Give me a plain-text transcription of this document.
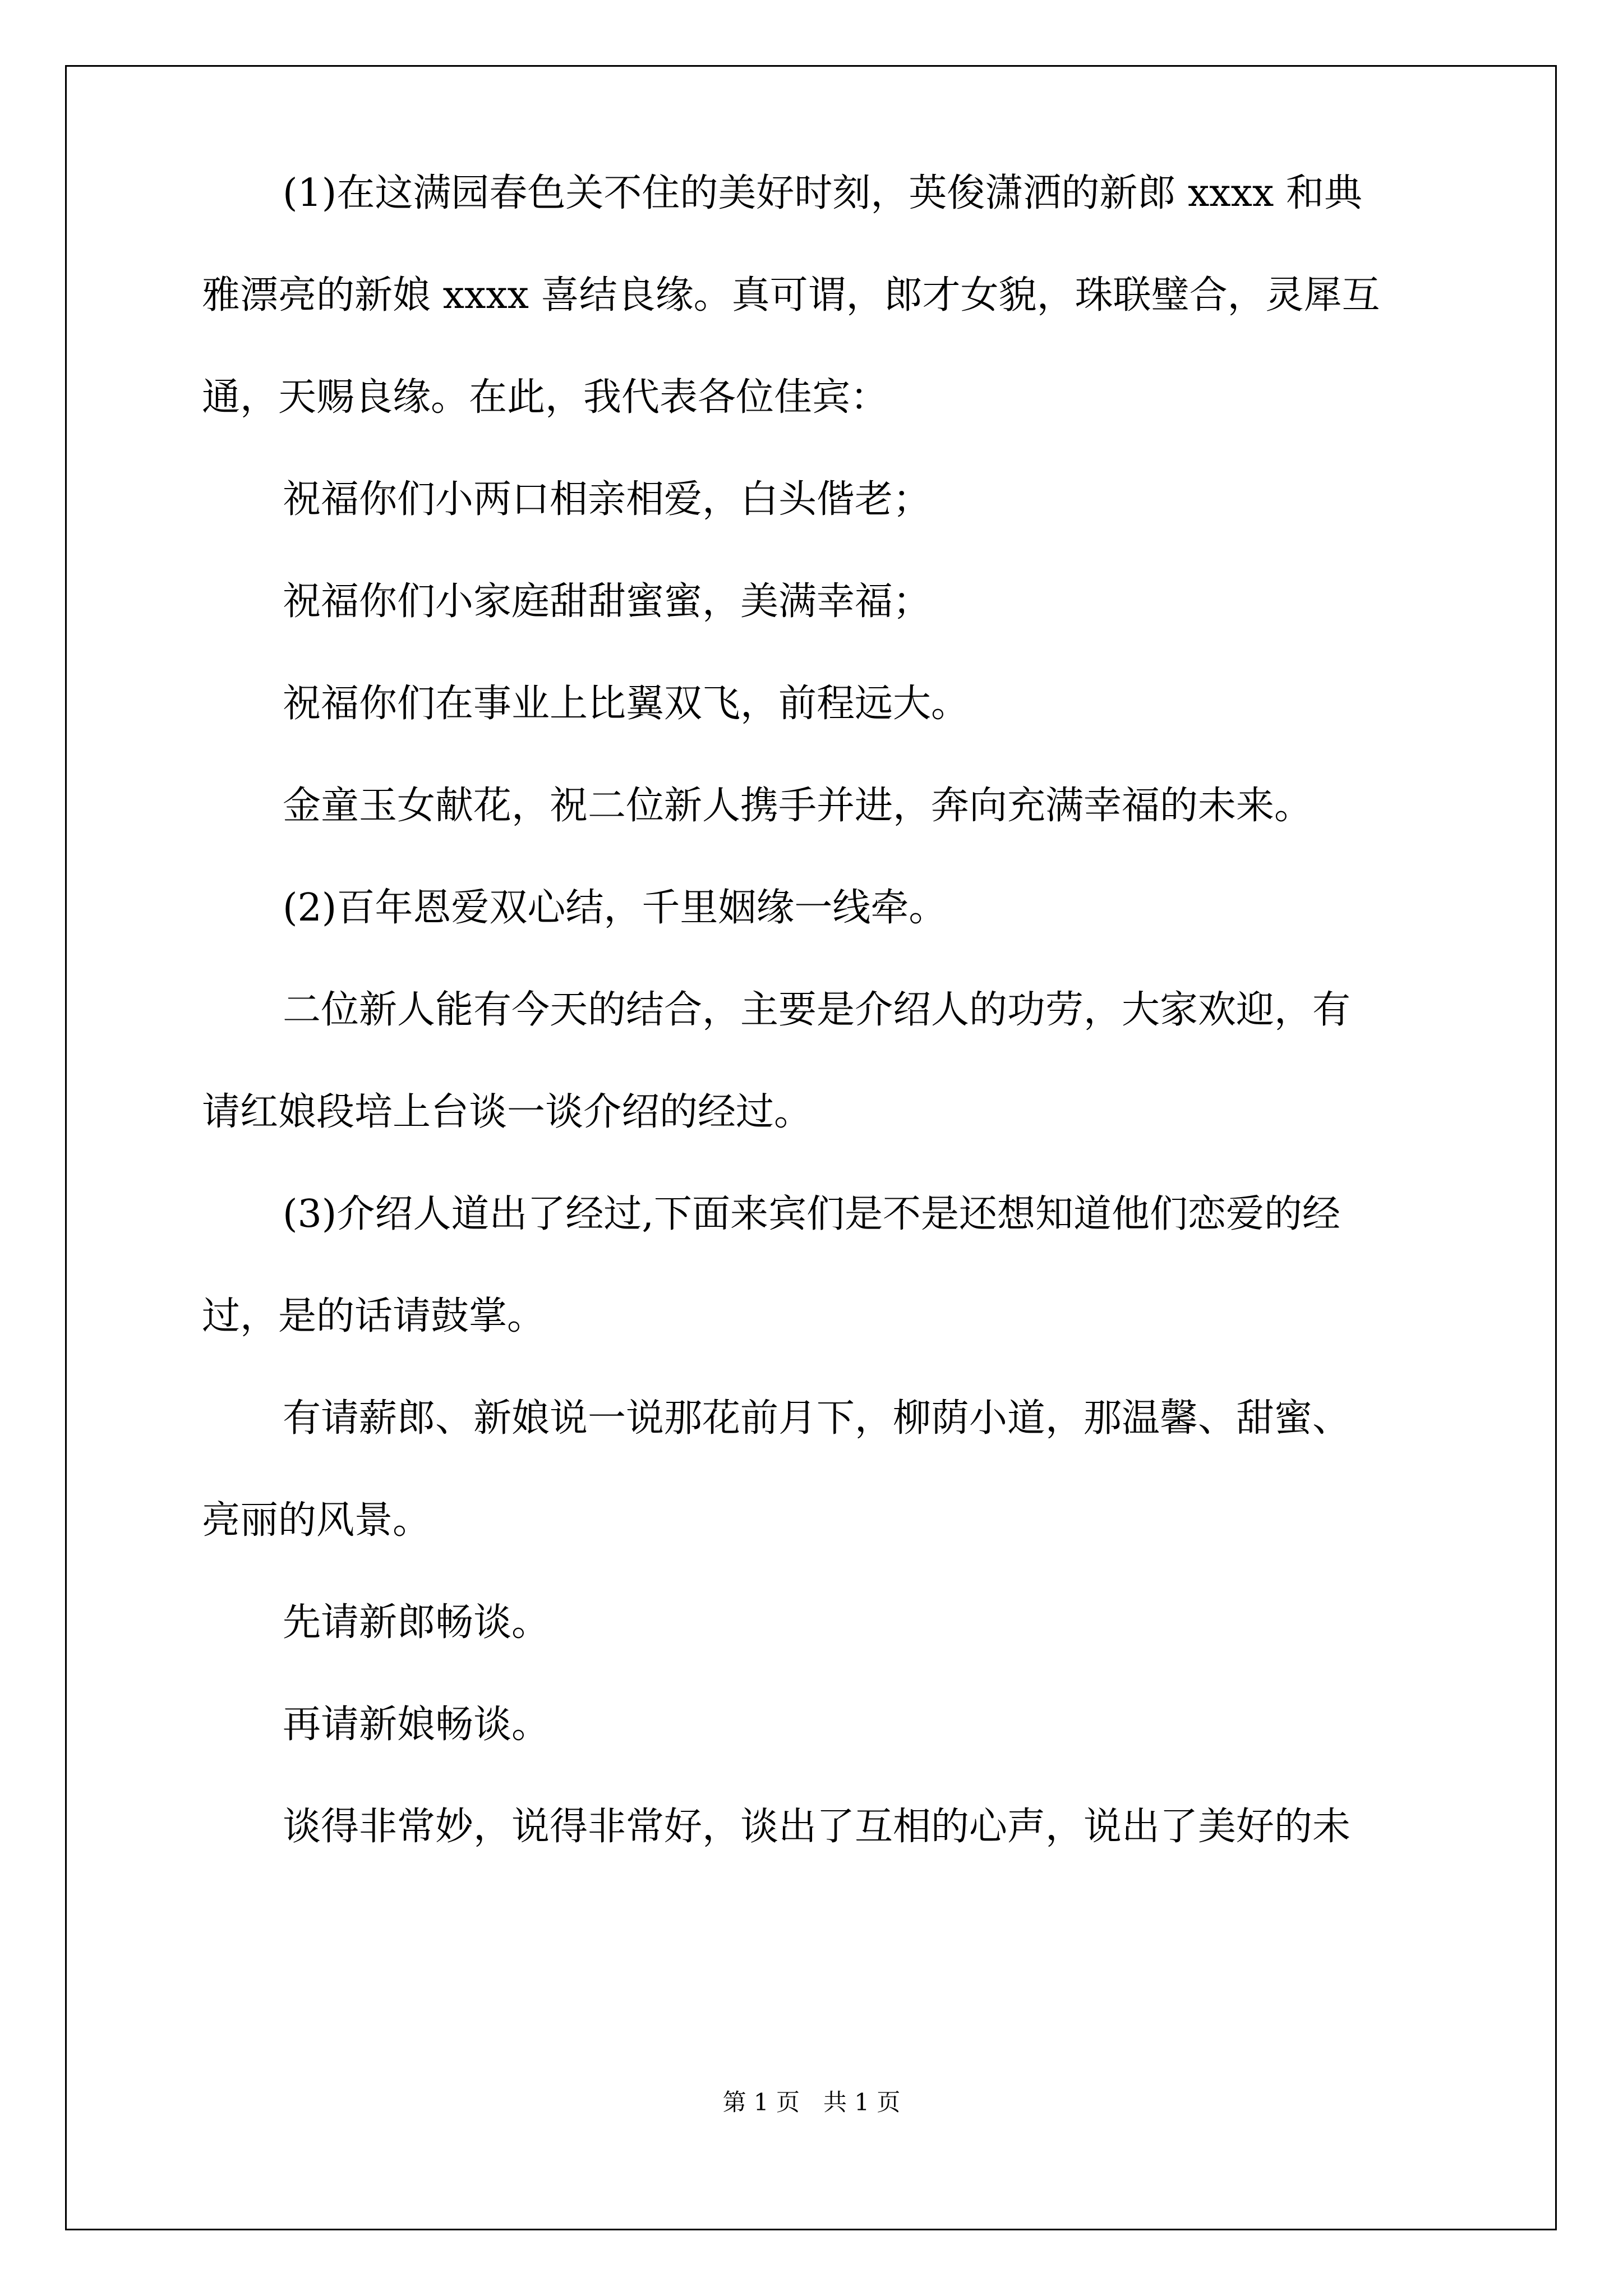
(1)在这满园春色关不住的美好时刻，英俊潇洒的新郎 xxxx 和典
雅漂亮的新娘 xxxx 喜结良缘。真可谓，郎才女貌，珠联璧合，灵犀互
通，天赐良缘。在此，我代表各位佳宾：
祝福你们小两口相亲相爱，白头偕老；
祝福你们小家庭甜甜蜜蜜，美满幸福；
祝福你们在事业上比翼双飞，前程远大。
金童玉女献花，祝二位新人携手并进，奔向充满幸福的未来。
(2)百年恩爱双心结，千里姻缘一线牵。
二位新人能有今天的结合，主要是介绍人的功劳，大家欢迎，有
请红娘段培上台谈一谈介绍的经过。
(3)介绍人道出了经过,下面来宾们是不是还想知道他们恋爱的经
过，是的话请鼓掌。
有请薪郎、新娘说一说那花前月下，柳荫小道，那温馨、甜蜜、
亮丽的风景。
先请新郎畅谈。
再请新娘畅谈。
谈得非常妙，说得非常好，谈出了互相的心声，说出了美好的未
第 1 页　共 1 页
